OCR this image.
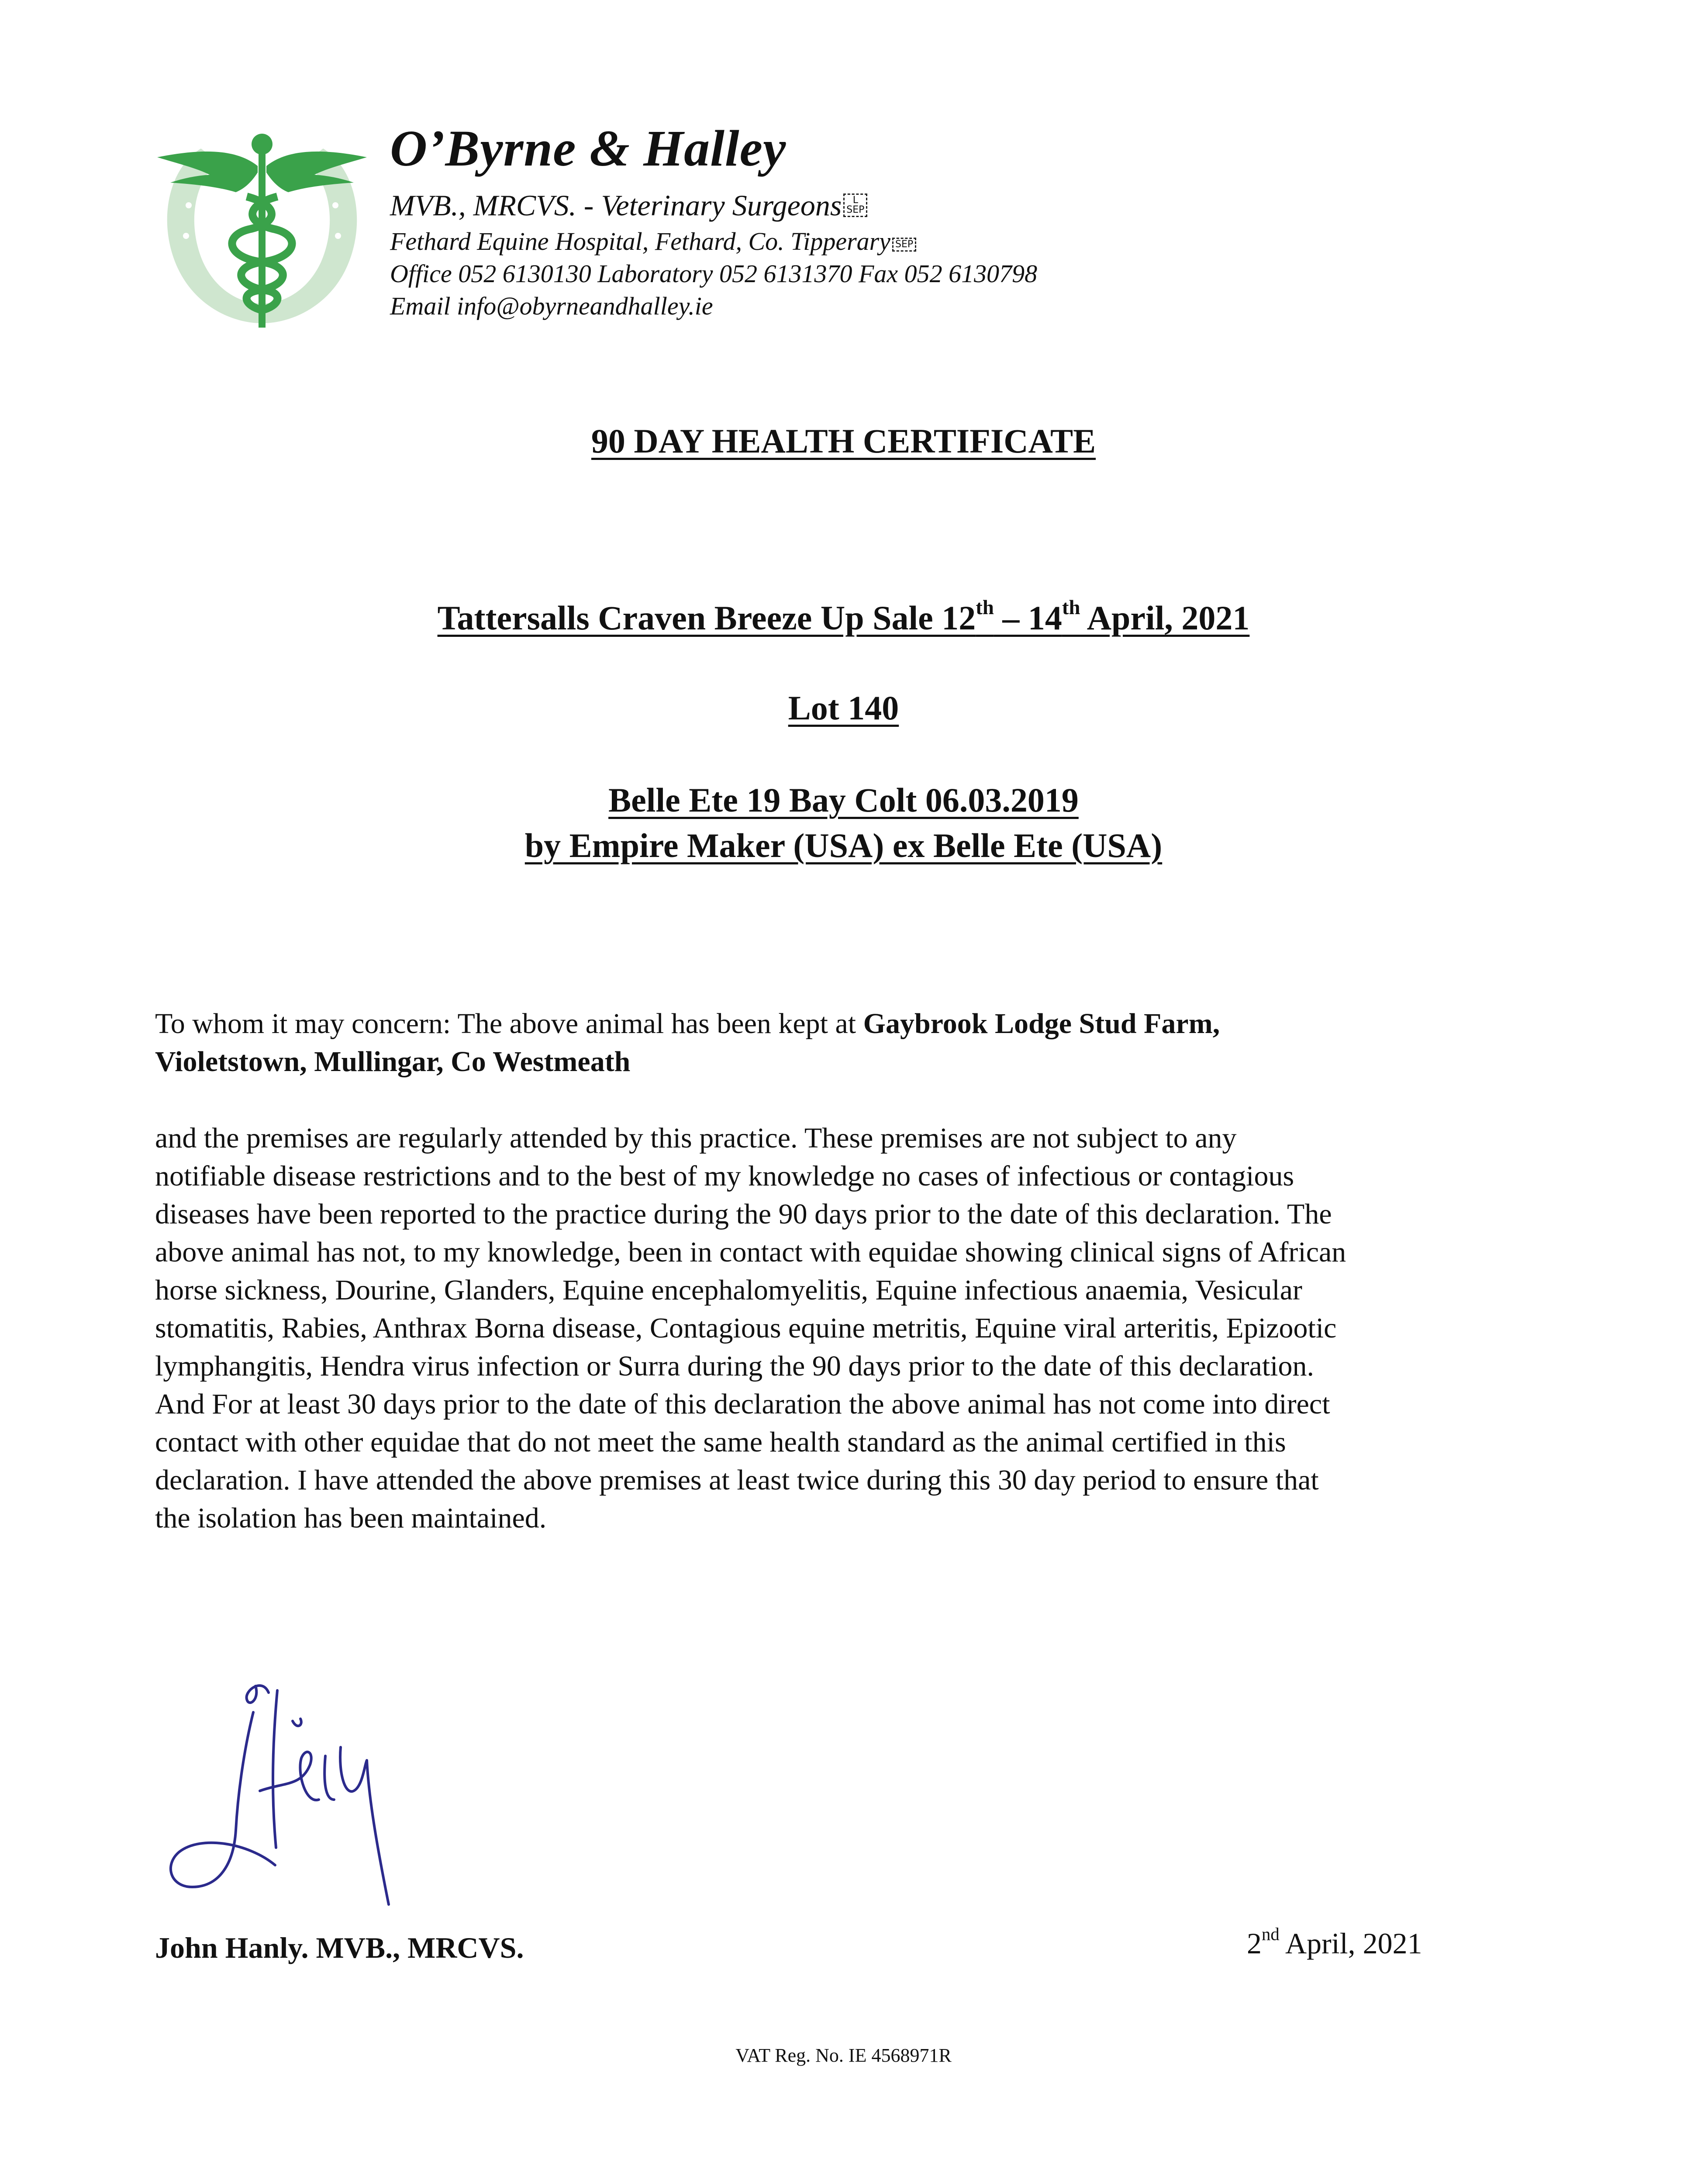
O’Byrne & Halley

MVB., MRCVS. - Veterinary Surgeons L
SEP

Fethard Equine Hospital, Fethard, Co. Tipperary SEP

Office 052 6130130 Laboratory 052 6131370 Fax 052 6130798

Email info@obyrneandhalley.ie

90 DAY HEALTH CERTIFICATE

Tattersalls Craven Breeze Up Sale 12th – 14th April, 2021

Lot 140

Belle Ete 19 Bay Colt 06.03.2019
by Empire Maker (USA) ex Belle Ete (USA)

To whom it may concern: The above animal has been kept at Gaybrook Lodge Stud Farm,
Violetstown, Mullingar, Co Westmeath

and the premises are regularly attended by this practice. These premises are not subject to any
notifiable disease restrictions and to the best of my knowledge no cases of infectious or contagious
diseases have been reported to the practice during the 90 days prior to the date of this declaration. The
above animal has not, to my knowledge, been in contact with equidae showing clinical signs of African
horse sickness, Dourine, Glanders, Equine encephalomyelitis, Equine infectious anaemia, Vesicular
stomatitis, Rabies, Anthrax Borna disease, Contagious equine metritis, Equine viral arteritis, Epizootic
lymphangitis, Hendra virus infection or Surra during the 90 days prior to the date of this declaration.
And For at least 30 days prior to the date of this declaration the above animal has not come into direct
contact with other equidae that do not meet the same health standard as the animal certified in this
declaration. I have attended the above premises at least twice during this 30 day period to ensure that
the isolation has been maintained.

John Hanly. MVB., MRCVS.	2nd April, 2021

VAT Reg. No. IE 4568971R
